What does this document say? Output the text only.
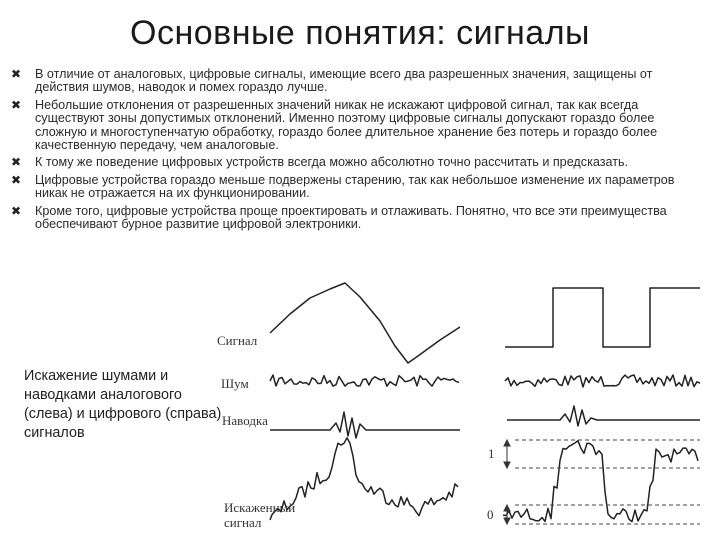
Основные понятия: сигналы
✖ В отличие от аналоговых, цифровые сигналы, имеющие всего два разрешенных значения, защищены от действия шумов, наводок и помех гораздо лучше.
✖ Небольшие отклонения от разрешенных значений никак не искажают цифровой сигнал, так как всегда существуют зоны допустимых отклонений. Именно поэтому цифровые сигналы допускают гораздо более сложную и многоступенчатую обработку, гораздо более длительное хранение без потерь и гораздо более качественную передачу, чем аналоговые.
✖ К тому же поведение цифровых устройств всегда можно абсолютно точно рассчитать и предсказать.
✖ Цифровые устройства гораздо меньше подвержены старению, так как небольшое изменение их параметров никак не отражается на их функционировании.
✖ Кроме того, цифровые устройства проще проектировать и отлаживать. Понятно, что все эти преимущества обеспечивают бурное развитие цифровой электроники.
Искажение шумами и наводками аналогового (слева) и цифрового (справа) сигналов
Сигнал
Шум
Наводка
Искаженный
сигнал
1
0
